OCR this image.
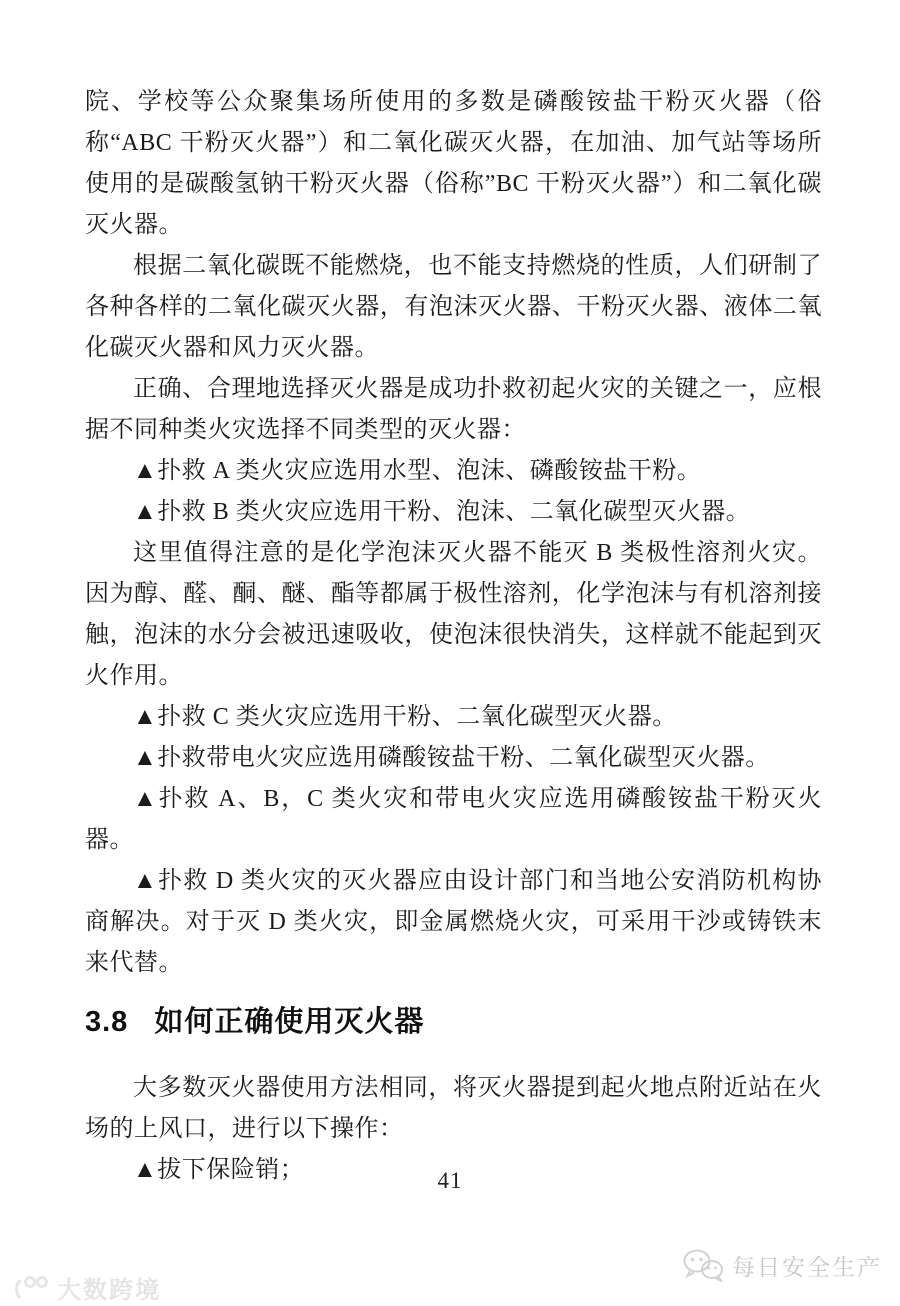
院、学校等公众聚集场所使用的多数是磷酸铵盐干粉灭火器（俗称“ABC 干粉灭火器”）和二氧化碳灭火器，在加油、加气站等场所使用的是碳酸氢钠干粉灭火器（俗称”BC 干粉灭火器”）和二氧化碳灭火器。

根据二氧化碳既不能燃烧，也不能支持燃烧的性质，人们研制了各种各样的二氧化碳灭火器，有泡沫灭火器、干粉灭火器、液体二氧化碳灭火器和风力灭火器。

正确、合理地选择灭火器是成功扑救初起火灾的关键之一，应根据不同种类火灾选择不同类型的灭火器：

▲扑救 A 类火灾应选用水型、泡沫、磷酸铵盐干粉。

▲扑救 B 类火灾应选用干粉、泡沫、二氧化碳型灭火器。

这里值得注意的是化学泡沫灭火器不能灭 B 类极性溶剂火灾。因为醇、醛、酮、醚、酯等都属于极性溶剂，化学泡沫与有机溶剂接触，泡沫的水分会被迅速吸收，使泡沫很快消失，这样就不能起到灭火作用。

▲扑救 C 类火灾应选用干粉、二氧化碳型灭火器。

▲扑救带电火灾应选用磷酸铵盐干粉、二氧化碳型灭火器。

▲扑救 A、B，C 类火灾和带电火灾应选用磷酸铵盐干粉灭火器。

▲扑救 D 类火灾的灭火器应由设计部门和当地公安消防机构协商解决。对于灭 D 类火灾，即金属燃烧火灾，可采用干沙或铸铁末来代替。

3.8 如何正确使用灭火器

大多数灭火器使用方法相同，将灭火器提到起火地点附近站在火场的上风口，进行以下操作：

▲拔下保险销；	41
大数跨境
每日安全生产
